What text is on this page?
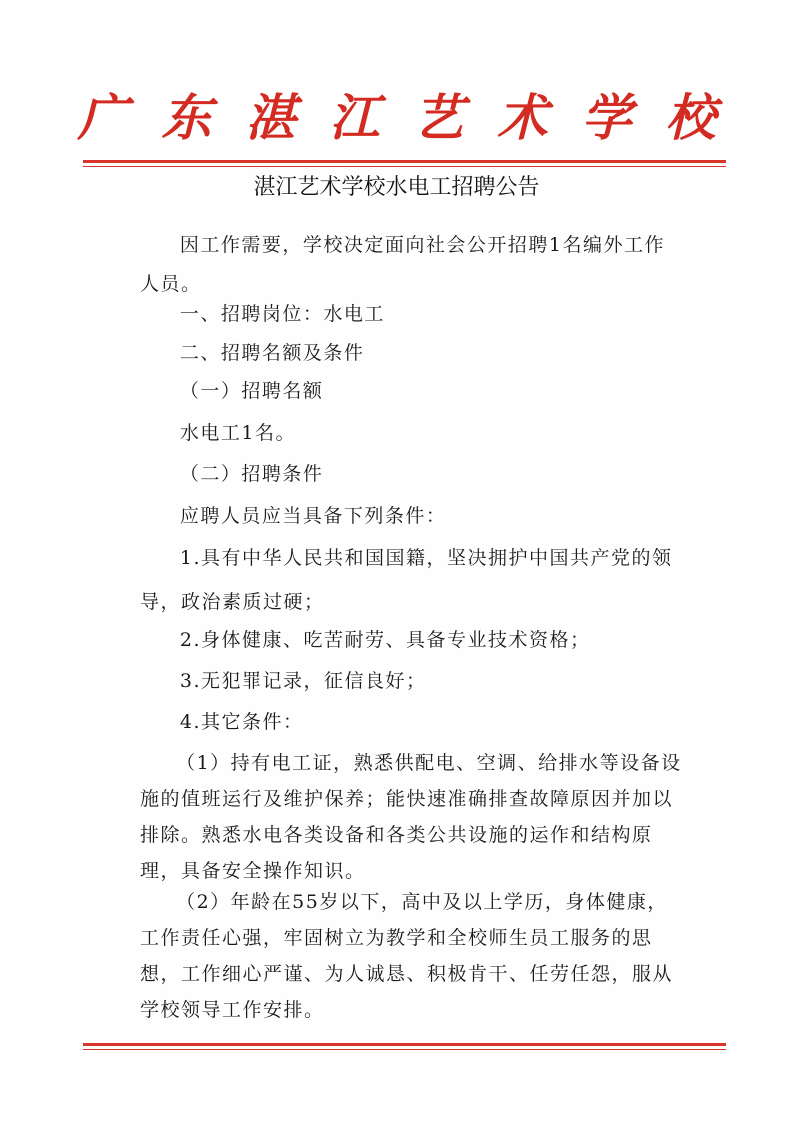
广东湛江艺术学校
湛江艺术学校水电工招聘公告
因工作需要，学校决定面向社会公开招聘1名编外工作人员。
一、招聘岗位：水电工
二、招聘名额及条件
（一）招聘名额
水电工1名。
（二）招聘条件
应聘人员应当具备下列条件：
1.具有中华人民共和国国籍，坚决拥护中国共产党的领导，政治素质过硬；
2.身体健康、吃苦耐劳、具备专业技术资格；
3.无犯罪记录，征信良好；
4.其它条件：
（1）持有电工证，熟悉供配电、空调、给排水等设备设施的值班运行及维护保养；能快速准确排查故障原因并加以排除。熟悉水电各类设备和各类公共设施的运作和结构原理，具备安全操作知识。
（2）年龄在55岁以下，高中及以上学历，身体健康，工作责任心强，牢固树立为教学和全校师生员工服务的思想，工作细心严谨、为人诚恳、积极肯干、任劳任怨，服从学校领导工作安排。
